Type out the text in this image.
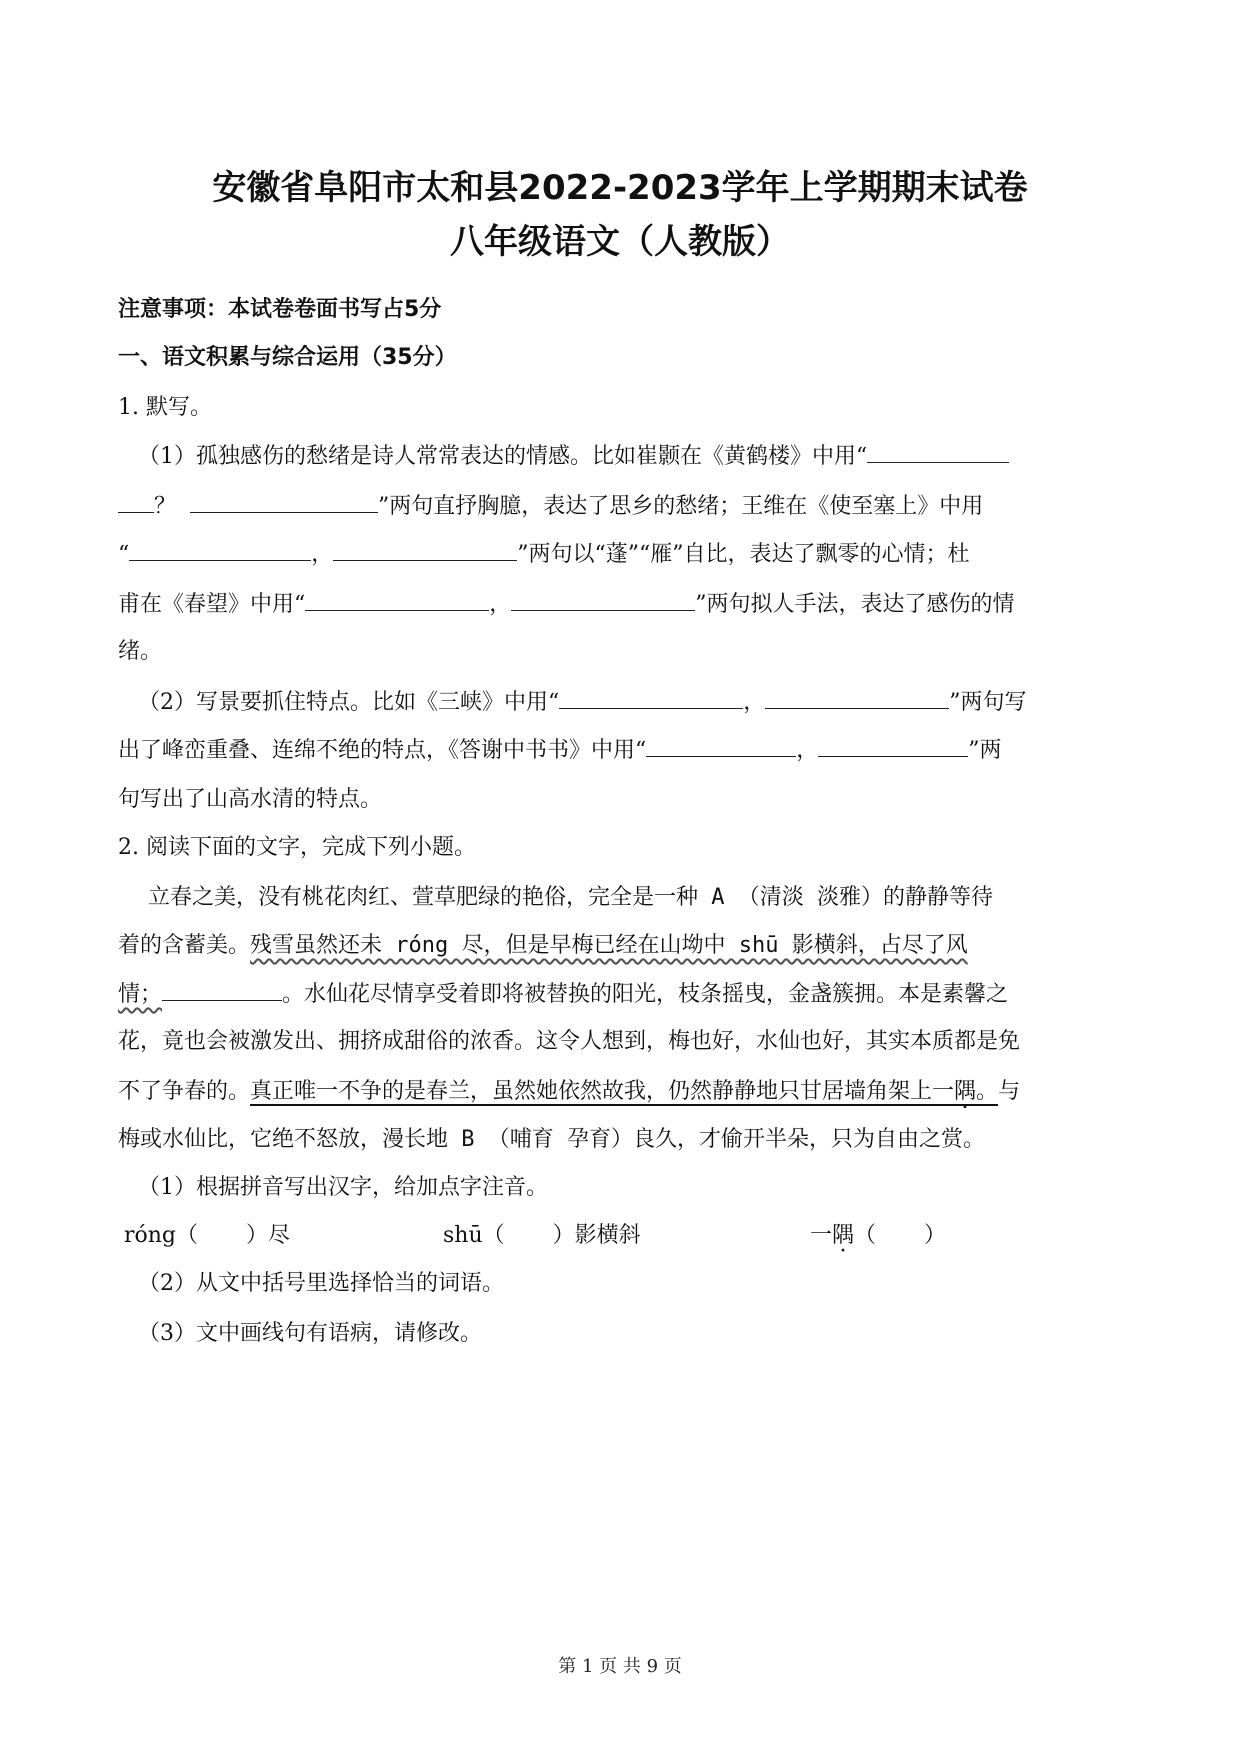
安徽省阜阳市太和县2022-2023学年上学期期末试卷
八年级语文（人教版）
注意事项：本试卷卷面书写占5分
一、语文积累与综合运用（35分）
1. 默写。
（1）孤独感伤的愁绪是诗人常常表达的情感。比如崔颢在《黄鹤楼》中用“
？	”两句直抒胸臆，表达了思乡的愁绪；王维在《使至塞上》中用
“	，	”两句以“蓬”“雁”自比，表达了飘零的心情；杜
甫在《春望》中用“	，	”两句拟人手法，表达了感伤的情
绪。
（2）写景要抓住特点。比如《三峡》中用“	，	”两句写
出了峰峦重叠、连绵不绝的特点，《答谢中书书》中用“	，	”两
句写出了山高水清的特点。
2. 阅读下面的文字，完成下列小题。
立春之美，没有桃花肉红、萱草肥绿的艳俗，完全是一种 A （清淡 淡雅）的静静等待
着的含蓄美。残雪虽然还未 róng 尽，但是早梅已经在山坳中 shū 影横斜，占尽了风
情；	。水仙花尽情享受着即将被替换的阳光，枝条摇曳，金盏簇拥。本是素馨之
花，竟也会被激发出、拥挤成甜俗的浓香。这令人想到，梅也好，水仙也好，其实本质都是免
不了争春的。真正唯一不争的是春兰，虽然她依然故我，仍然静静地只甘居墙角架上一隅。与
梅或水仙比，它绝不怒放，漫长地 B （哺育 孕育）良久，才偷开半朵，只为自由之赏。
（1）根据拼音写出汉字，给加点字注音。
róng（ ）尽	shū（ ）影横斜	一隅（ ）
（2）从文中括号里选择恰当的词语。
（3）文中画线句有语病，请修改。
第 1 页 共 9 页
